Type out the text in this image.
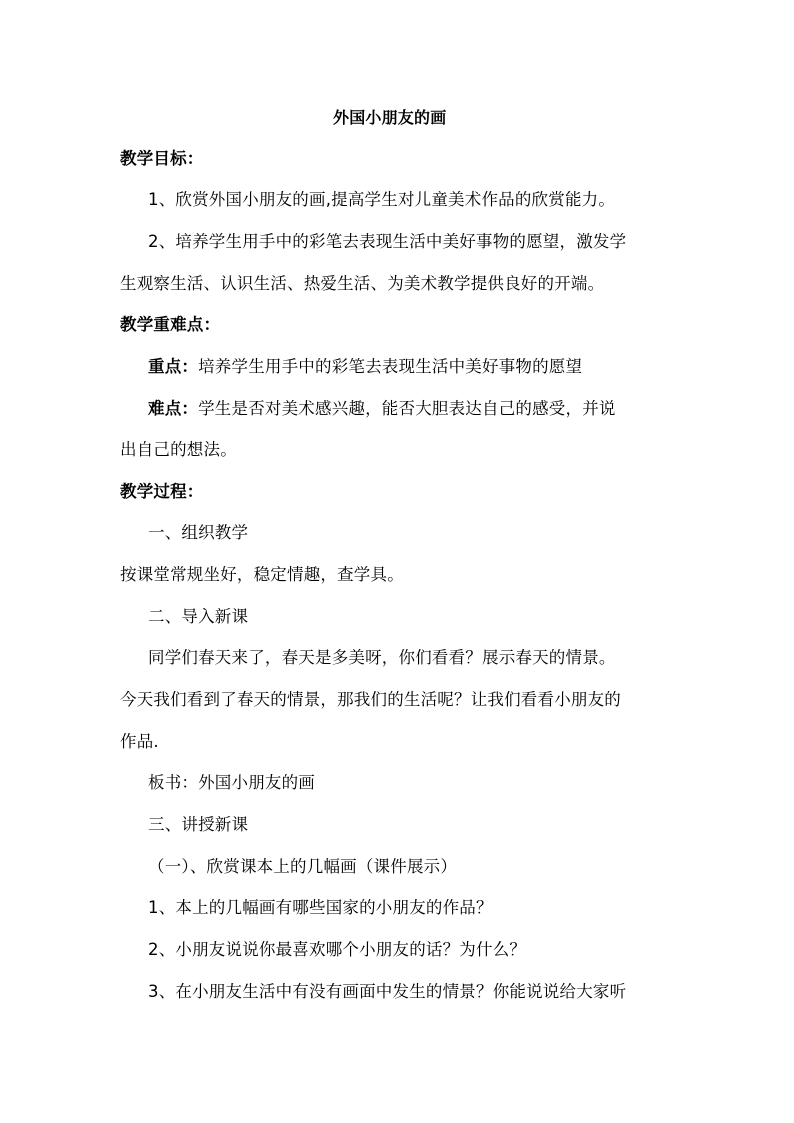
外国小朋友的画
教学目标：
1、欣赏外国小朋友的画,提高学生对儿童美术作品的欣赏能力。
2、培养学生用手中的彩笔去表现生活中美好事物的愿望，激发学
生观察生活、认识生活、热爱生活、为美术教学提供良好的开端。
教学重难点：
重点：培养学生用手中的彩笔去表现生活中美好事物的愿望
难点：学生是否对美术感兴趣，能否大胆表达自己的感受，并说
出自己的想法。
教学过程：
一、组织教学
按课堂常规坐好，稳定情趣，查学具。
二、导入新课
同学们春天来了，春天是多美呀，你们看看？展示春天的情景。
今天我们看到了春天的情景，那我们的生活呢？让我们看看小朋友的
作品.
板书：外国小朋友的画
三、讲授新课
（一）、欣赏课本上的几幅画（课件展示）
1、本上的几幅画有哪些国家的小朋友的作品？
2、小朋友说说你最喜欢哪个小朋友的话？为什么？
3、在小朋友生活中有没有画面中发生的情景？你能说说给大家听
